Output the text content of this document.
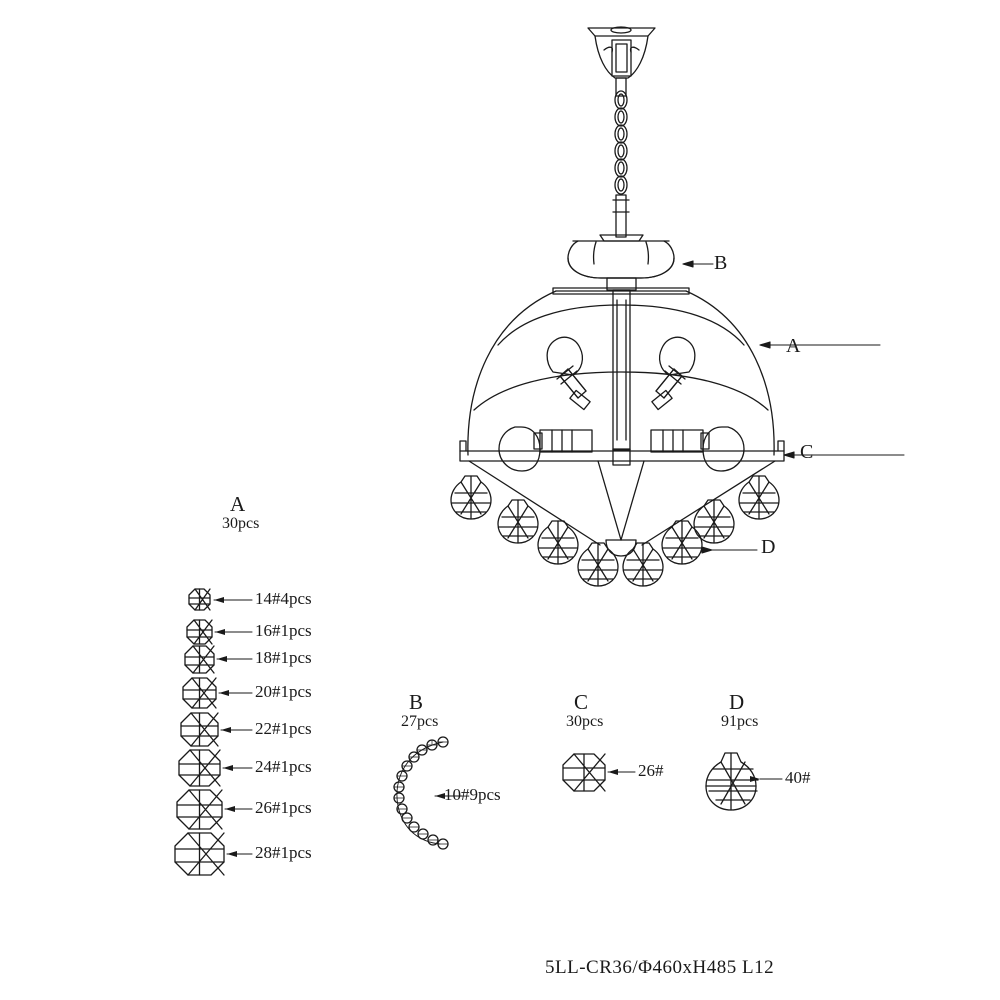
B
A
C
D
A
30pcs
B
27pcs
C
30pcs
D
91pcs
14#4pcs
16#1pcs
18#1pcs
20#1pcs
22#1pcs
24#1pcs
26#1pcs
28#1pcs
10#9pcs
26#	40#
5LL-CR36/Φ460xH485 L12
